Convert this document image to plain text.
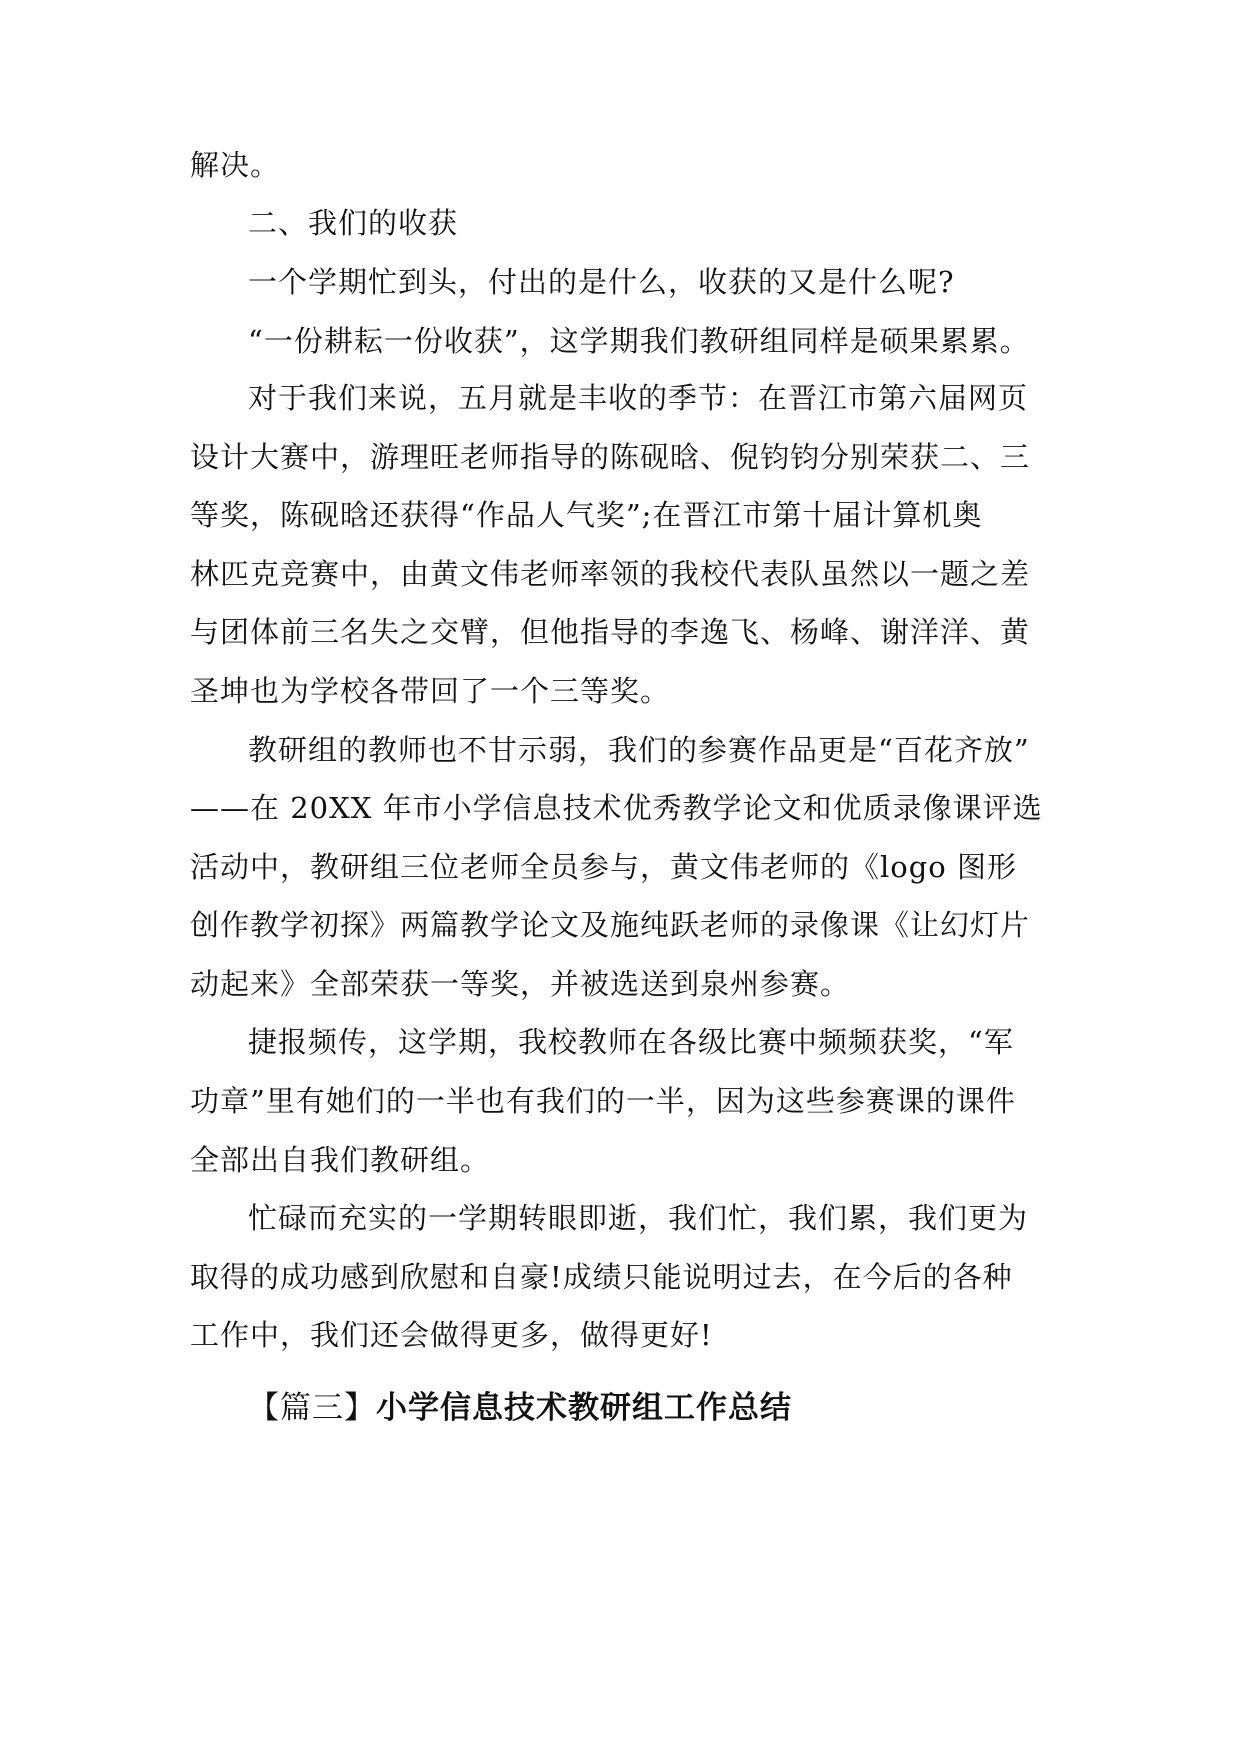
解决。
二、我们的收获
一个学期忙到头，付出的是什么，收获的又是什么呢?
“一份耕耘一份收获”，这学期我们教研组同样是硕果累累。
对于我们来说，五月就是丰收的季节：在晋江市第六届网页
设计大赛中，游理旺老师指导的陈砚晗、倪钧钧分别荣获二、三
等奖，陈砚晗还获得“作品人气奖”;在晋江市第十届计算机奥
林匹克竞赛中，由黄文伟老师率领的我校代表队虽然以一题之差
与团体前三名失之交臂，但他指导的李逸飞、杨峰、谢洋洋、黄
圣坤也为学校各带回了一个三等奖。
教研组的教师也不甘示弱，我们的参赛作品更是“百花齐放”
——在 20XX 年市小学信息技术优秀教学论文和优质录像课评选
活动中，教研组三位老师全员参与，黄文伟老师的《logo 图形
创作教学初探》两篇教学论文及施纯跃老师的录像课《让幻灯片
动起来》全部荣获一等奖，并被选送到泉州参赛。
捷报频传，这学期，我校教师在各级比赛中频频获奖，“军
功章”里有她们的一半也有我们的一半，因为这些参赛课的课件
全部出自我们教研组。
忙碌而充实的一学期转眼即逝，我们忙，我们累，我们更为
取得的成功感到欣慰和自豪!成绩只能说明过去，在今后的各种
工作中，我们还会做得更多，做得更好!
【篇三】小学信息技术教研组工作总结
